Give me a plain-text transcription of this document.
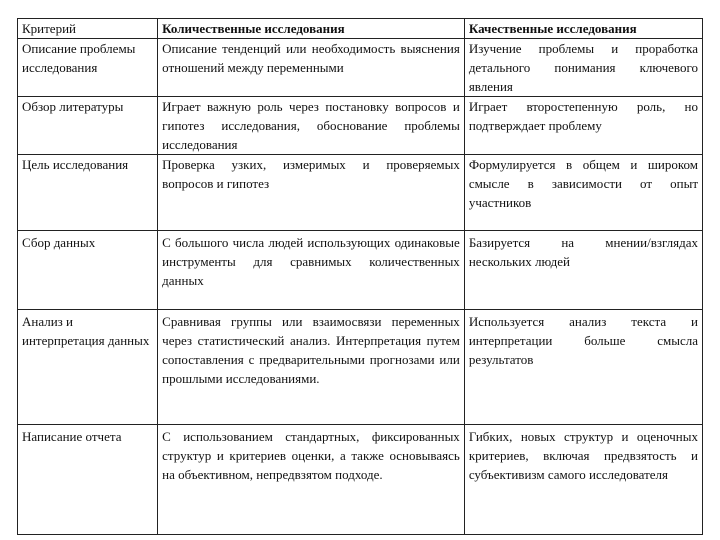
Критерий	Количественные исследования	Качественные исследования
Описание проблемы исследования	Описание тенденций или необходимость выяснения отношений между переменными	Изучение проблемы и проработка детального понимания ключевого явления
Обзор литературы	Играет важную роль через постановку вопросов и гипотез исследования, обоснование проблемы исследования	Играет второстепенную роль, но подтверждает проблему
Цель исследования	Проверка узких, измеримых и проверяемых вопросов и гипотез	Формулируется в общем и широком смысле в зависимости от опыт участников
Сбор данных	С большого числа людей использующих одинаковые инструменты для сравнимых количественных данных	Базируется на мнении/взглядах нескольких людей
Анализ и интерпретация данных	Сравнивая группы или взаимосвязи переменных через статистический анализ. Интерпретация путем сопоставления с предварительными прогнозами или прошлыми исследованиями.	Используется анализ текста и интерпретации больше смысла результатов
Написание отчета	С использованием стандартных, фиксированных структур и критериев оценки, а также основываясь на объективном, непредвзятом подходе.	Гибких, новых структур и оценочных критериев, включая предвзятость и субъективизм самого исследователя
